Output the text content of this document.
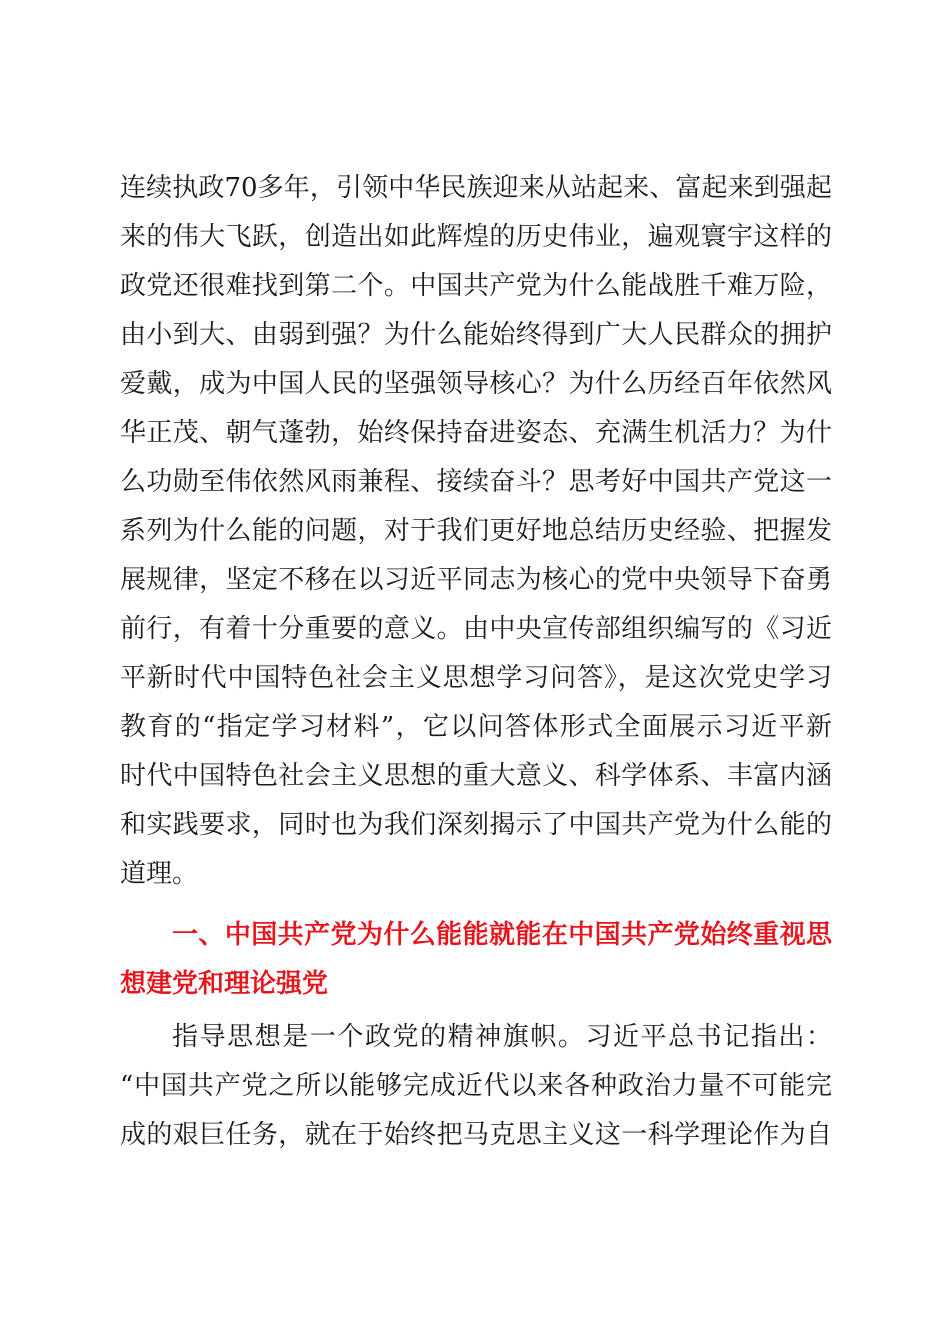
连续执政70多年，引领中华民族迎来从站起来、富起来到强起
来的伟大飞跃，创造出如此辉煌的历史伟业，遍观寰宇这样的
政党还很难找到第二个。中国共产党为什么能战胜千难万险，
由小到大、由弱到强？为什么能始终得到广大人民群众的拥护
爱戴，成为中国人民的坚强领导核心？为什么历经百年依然风
华正茂、朝气蓬勃，始终保持奋进姿态、充满生机活力？为什
么功勋至伟依然风雨兼程、接续奋斗？思考好中国共产党这一
系列为什么能的问题，对于我们更好地总结历史经验、把握发
展规律，坚定不移在以习近平同志为核心的党中央领导下奋勇
前行，有着十分重要的意义。由中央宣传部组织编写的《习近
平新时代中国特色社会主义思想学习问答》，是这次党史学习
教育的“指定学习材料”，它以问答体形式全面展示习近平新
时代中国特色社会主义思想的重大意义、科学体系、丰富内涵
和实践要求，同时也为我们深刻揭示了中国共产党为什么能的
道理。
一、中国共产党为什么能能就能在中国共产党始终重视思
想建党和理论强党
指导思想是一个政党的精神旗帜。习近平总书记指出：
“中国共产党之所以能够完成近代以来各种政治力量不可能完
成的艰巨任务，就在于始终把马克思主义这一科学理论作为自
